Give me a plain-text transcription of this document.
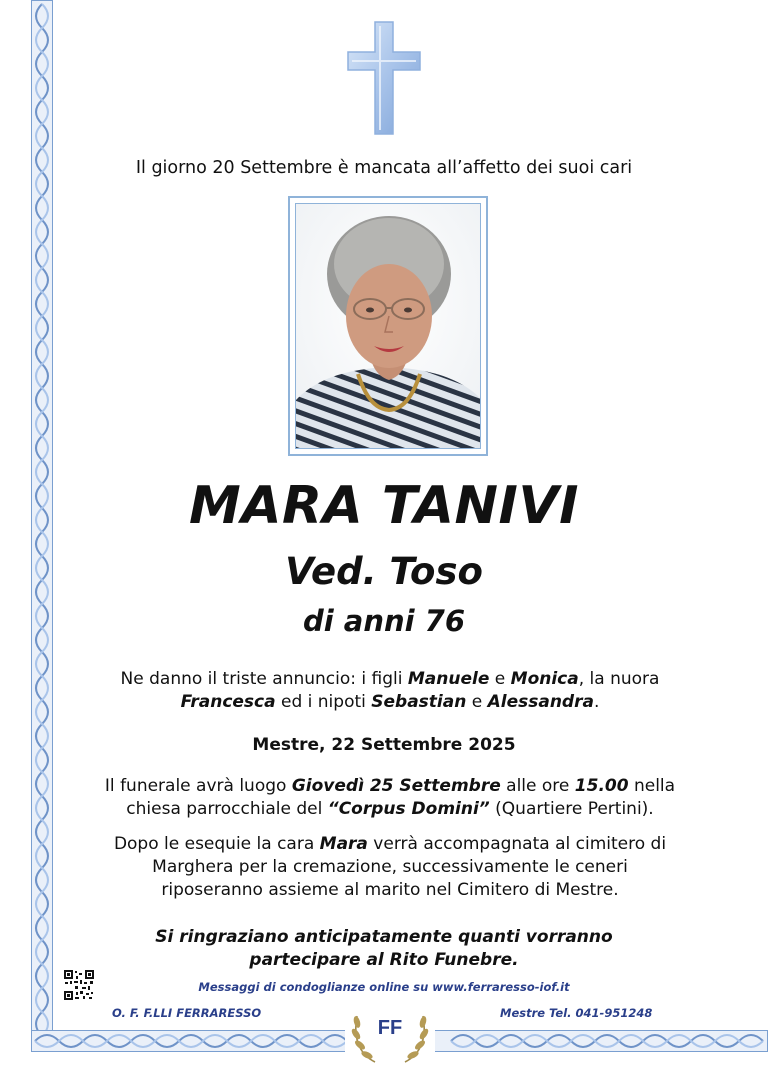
Il giorno 20 Settembre è mancata all’affetto dei suoi cari
MARA TANIVI
Ved. Toso
di anni 76
Ne danno il triste annuncio: i figli Manuele e Monica, la nuora Francesca ed i nipoti Sebastian e Alessandra.
Mestre, 22 Settembre 2025
Il funerale avrà luogo Giovedì 25 Settembre alle ore 15.00 nella chiesa parrocchiale del “Corpus Domini” (Quartiere Pertini).
Dopo le esequie la cara Mara verrà accompagnata al cimitero di Marghera per la cremazione, successivamente le ceneri riposeranno assieme al marito nel Cimitero di Mestre.
Si ringraziano anticipatamente quanti vorranno
partecipare al Rito Funebre.
Messaggi di condoglianze online su www.ferraresso-iof.it
O. F. F.LLI FERRARESSO	Mestre Tel. 041-951248
FF
